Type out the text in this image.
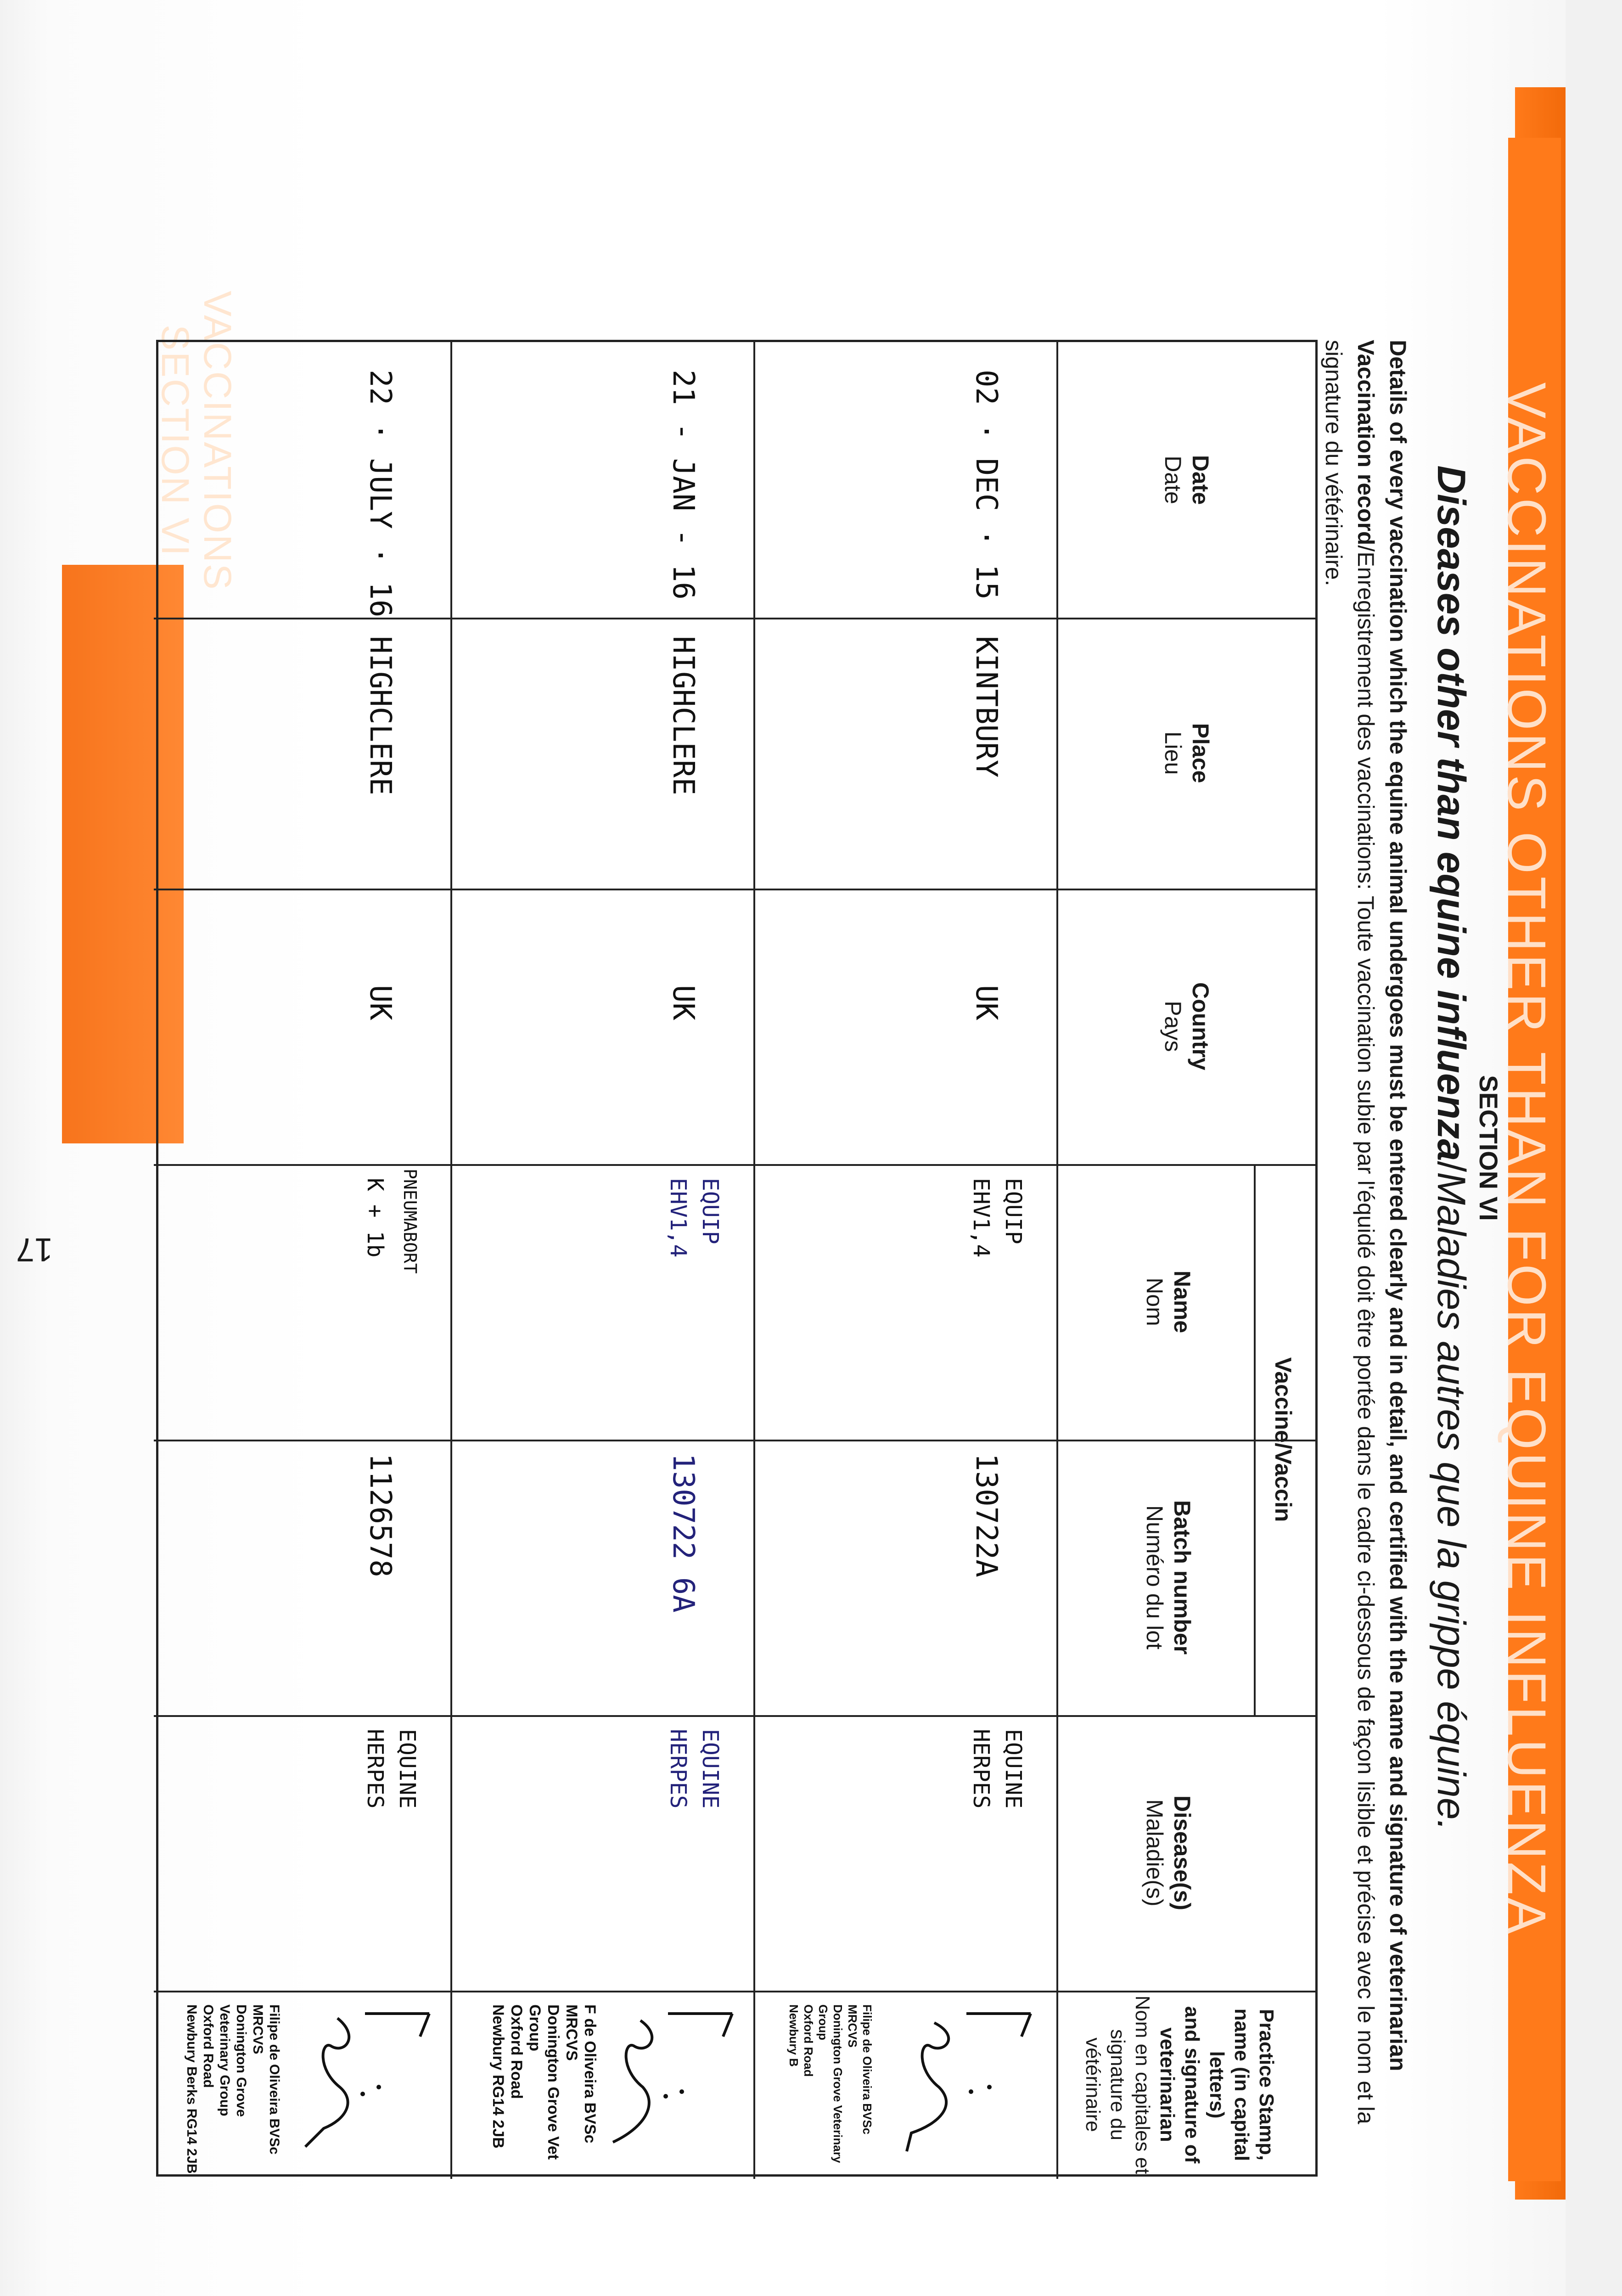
17	VACCINATIONS OTHER THAN FOR EQUINE INFLUENZA
SECTION VI
Diseases other than equine influenza/Maladies autres que la grippe équine.
Details of every vaccination which the equine animal undergoes must be entered clearly and in detail, and certified with the name and signature of veterinarian
Vaccination record/Enregistrement des vaccinations: Toute vaccination subie par l'équidé doit être portée dans le cadre ci-dessous de façon lisible et précise avec le nom et la signature du vétérinaire.
VACCINATIONS
SECTION VI	Date
Date
Place
Lieu
Country
Pays
Vaccine/Vaccin
Name
Nom
Batch number
Numéro du lot
Disease(s)
Maladie(s)
Practice Stamp, name (in capital letters)
and signature of veterinarian
Nom en capitales et signature du vétérinaire
02 · DEC · 15
KINTBURY
UK
EQUIP
EHV1,4
130722A
EQUINE
HERPES
Filipe de Oliveira BVSc MRCVS
Donington Grove Veterinary Group
Oxford Road
Newbury B
21 - JAN - 16
HIGHCLERE
UK
EQUIP
EHV1,4
130722 6A
EQUINE
HERPES
F de Oliveira BVSc MRCVS
Donington Grove Vet Group
Oxford Road
Newbury RG14 2JB
22 · JULY · 16
HIGHCLERE
UK
PNEUMABORT
K + 1b
1126578
EQUINE
HERPES
Filipe de Oliveira BVSc MRCVS
Donington Grove Veterinary Group
Oxford Road
Newbury Berks RG14 2JB
